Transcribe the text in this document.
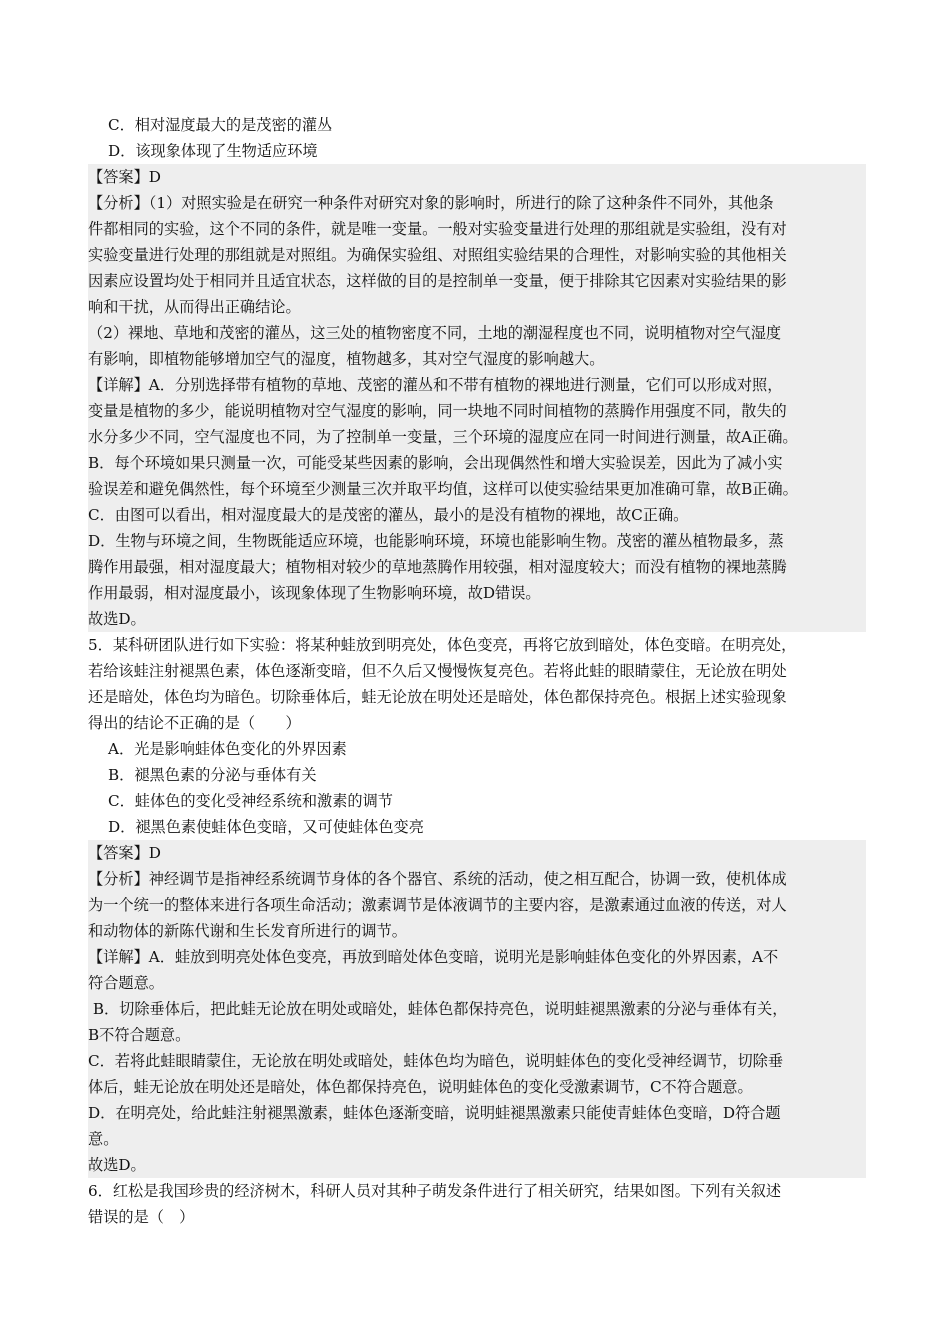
C．相对湿度最大的是茂密的灌丛
D．该现象体现了生物适应环境
【答案】D
【分析】（1）对照实验是在研究一种条件对研究对象的影响时，所进行的除了这种条件不同外，其他条
件都相同的实验，这个不同的条件，就是唯一变量。一般对实验变量进行处理的那组就是实验组，没有对
实验变量进行处理的那组就是对照组。为确保实验组、对照组实验结果的合理性，对影响实验的其他相关
因素应设置均处于相同并且适宜状态，这样做的目的是控制单一变量，便于排除其它因素对实验结果的影
响和干扰，从而得出正确结论。
（2）裸地、草地和茂密的灌丛，这三处的植物密度不同，土地的潮湿程度也不同，说明植物对空气湿度
有影响，即植物能够增加空气的湿度，植物越多，其对空气湿度的影响越大。
【详解】A．分别选择带有植物的草地、茂密的灌丛和不带有植物的裸地进行测量，它们可以形成对照，
变量是植物的多少，能说明植物对空气湿度的影响，同一块地不同时间植物的蒸腾作用强度不同，散失的
水分多少不同，空气湿度也不同，为了控制单一变量，三个环境的湿度应在同一时间进行测量，故A正确。
B．每个环境如果只测量一次，可能受某些因素的影响，会出现偶然性和增大实验误差，因此为了减小实
验误差和避免偶然性，每个环境至少测量三次并取平均值，这样可以使实验结果更加准确可靠，故B正确。
C．由图可以看出，相对湿度最大的是茂密的灌丛，最小的是没有植物的裸地，故C正确。
D．生物与环境之间，生物既能适应环境，也能影响环境，环境也能影响生物。茂密的灌丛植物最多，蒸
腾作用最强，相对湿度最大；植物相对较少的草地蒸腾作用较强，相对湿度较大；而没有植物的裸地蒸腾
作用最弱，相对湿度最小，该现象体现了生物影响环境，故D错误。
故选D。
5．某科研团队进行如下实验：将某种蛙放到明亮处，体色变亮，再将它放到暗处，体色变暗。在明亮处，
若给该蛙注射褪黑色素，体色逐渐变暗，但不久后又慢慢恢复亮色。若将此蛙的眼睛蒙住，无论放在明处
还是暗处，体色均为暗色。切除垂体后，蛙无论放在明处还是暗处，体色都保持亮色。根据上述实验现象
得出的结论不正确的是（　　）
A．光是影响蛙体色变化的外界因素
B．褪黑色素的分泌与垂体有关
C．蛙体色的变化受神经系统和激素的调节
D．褪黑色素使蛙体色变暗，又可使蛙体色变亮
【答案】D
【分析】神经调节是指神经系统调节身体的各个器官、系统的活动，使之相互配合，协调一致，使机体成
为一个统一的整体来进行各项生命活动；激素调节是体液调节的主要内容，是激素通过血液的传送，对人
和动物体的新陈代谢和生长发育所进行的调节。
【详解】A．蛙放到明亮处体色变亮，再放到暗处体色变暗，说明光是影响蛙体色变化的外界因素，A不
符合题意。
B．切除垂体后，把此蛙无论放在明处或暗处，蛙体色都保持亮色，说明蛙褪黑激素的分泌与垂体有关，
B不符合题意。
C．若将此蛙眼睛蒙住，无论放在明处或暗处，蛙体色均为暗色，说明蛙体色的变化受神经调节，切除垂
体后，蛙无论放在明处还是暗处，体色都保持亮色，说明蛙体色的变化受激素调节，C不符合题意。
D．在明亮处，给此蛙注射褪黑激素，蛙体色逐渐变暗，说明蛙褪黑激素只能使青蛙体色变暗，D符合题
意。
故选D。
6．红松是我国珍贵的经济树木，科研人员对其种子萌发条件进行了相关研究，结果如图。下列有关叙述
错误的是（　）
